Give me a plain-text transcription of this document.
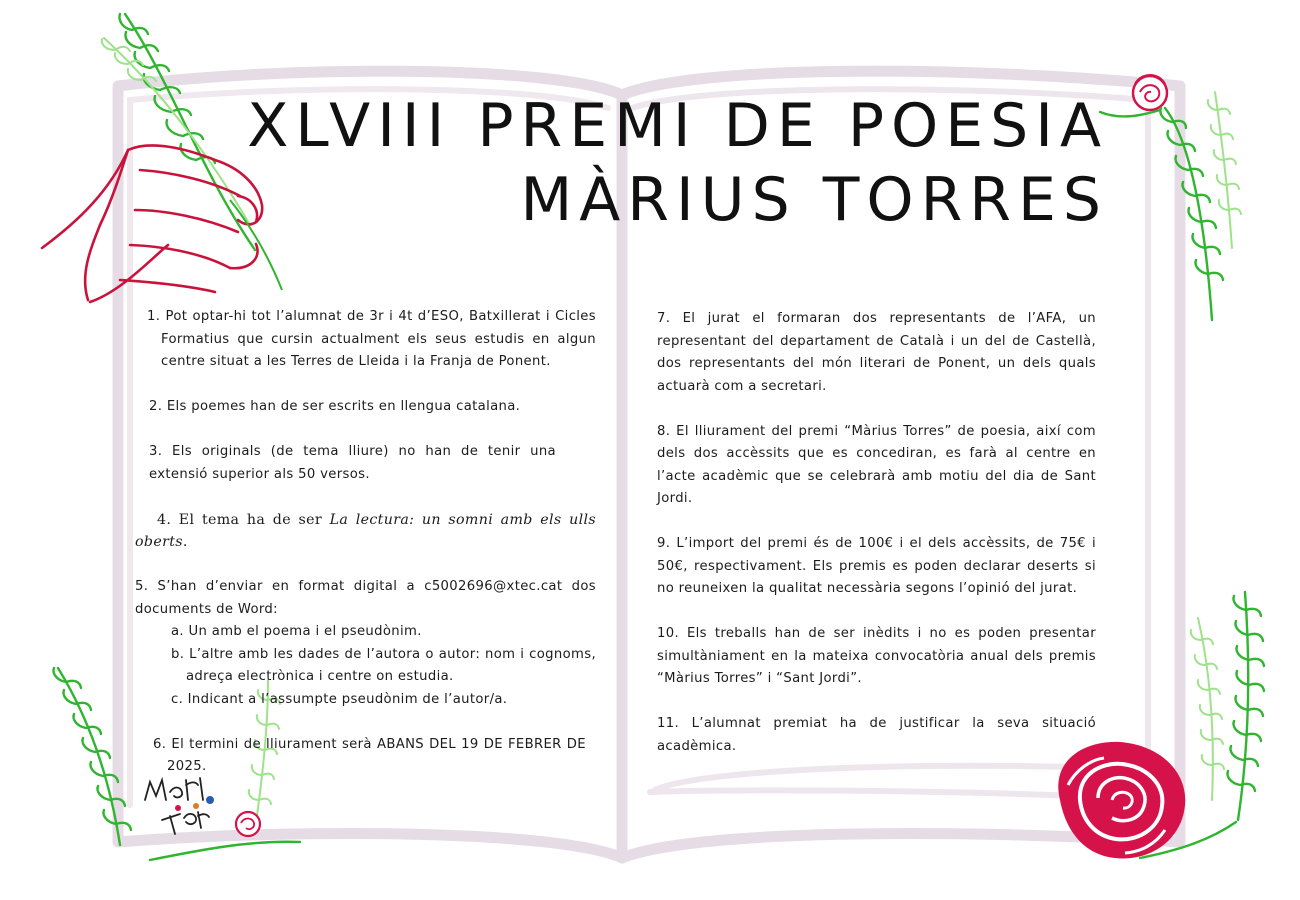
XLVIII PREMI DE POESIA
MÀRIUS TORRES

1. Pot optar-hi tot l’alumnat de 3r i 4t d’ESO, Batxillerat i Cicles Formatius que cursin actualment els seus estudis en algun centre situat a les Terres de Lleida i la Franja de Ponent.

2. Els poemes han de ser escrits en llengua catalana.

3. Els originals (de tema lliure) no han de tenir una extensió superior als 50 versos.

4. El tema ha de ser La lectura: un somni amb els ulls oberts.

5. S’han d’enviar en format digital a c5002696@xtec.cat dos documents de Word:

a. Un amb el poema i el pseudònim.
b. L’altre amb les dades de l’autora o autor: nom i cognoms, adreça electrònica i centre on estudia.
c. Indicant a l’assumpte pseudònim de l’autor/a.

6. El termini de lliurament serà ABANS DEL 19 DE FEBRER DE 2025.

7. El jurat el formaran dos representants de l’AFA, un representant del departament de Català i un del de Castellà, dos representants del món literari de Ponent, un dels quals actuarà com a secretari.

8. El lliurament del premi “Màrius Torres” de poesia, així com dels dos accèssits que es concediran, es farà al centre en l’acte acadèmic que se celebrarà amb motiu del dia de Sant Jordi.

9. L’import del premi és de 100€ i el dels accèssits, de 75€ i 50€, respectivament. Els premis es poden declarar deserts si no reuneixen la qualitat necessària segons l’opinió del jurat.

10. Els treballs han de ser inèdits i no es poden presentar simultàniament en la mateixa convocatòria anual dels premis “Màrius Torres” i “Sant Jordi”.

11. L’alumnat premiat ha de justificar la seva situació acadèmica.
